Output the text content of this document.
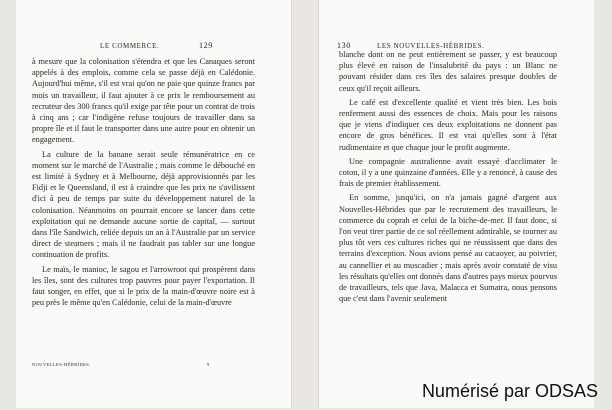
LE COMMERCE.	129

à mesure que la colonisation s'étendra et que les Canaques seront appelés à des emplois, comme cela se passe déjà en Calédonie. Aujourd'hui même, s'il est vrai qu'on ne paie que quinze francs par mois un travailleur, il faut ajouter à ce prix le remboursement au recruteur des 300 francs qu'il exige par tête pour un contrat de trois à cinq ans ; car l'indigène refuse toujours de travailler dans sa propre île et il faut le transporter dans une autre pour en obtenir un engagement.

La culture de la banane serait seule rémunératrice en ce moment sur le marché de l'Australie ; mais comme le débouché en est limité à Sydney et à Melbourne, déjà approvisionnés par les Fidji et le Queensland, il est à craindre que les prix ne s'avilissent d'ici à peu de temps par suite du développement naturel de la colonisation. Néanmoins on pourrait encore se lancer dans cette exploitation qui ne demande aucune sortie de capital, — surtout dans l'île Sandwich, reliée depuis un an à l'Australie par un service direct de steamers ; mais il ne faudrait pas tabler sur une longue continuation de profits.

Le maïs, le manioc, le sagou et l'arrowroot qui prospèrent dans les îles, sont des cultures trop pauvres pour payer l'exportation. Il faut songer, en effet, que si le prix de la main-d'œuvre noire est à peu près le même qu'en Calédonie, celui de la main-d'œuvre

NOUVELLES-HÉBRIDES.	9
130	LES NOUVELLES-HÉBRIDES.

blanche dont on ne peut entièrement se passer, y est beaucoup plus élevé en raison de l'insalubrité du pays : un Blanc ne pouvant résider dans ces îles des salaires presque doubles de ceux qu'il reçoit ailleurs.

Le café est d'excellente qualité et vient très bien. Les bois renferment aussi des essences de choix. Mais pour les raisons que je viens d'indiquer ces deux exploitations ne donnent pas encore de gros bénéfices. Il est vrai qu'elles sont à l'état rudimentaire et que chaque jour le profit augmente.

Une compagnie australienne avait essayé d'acclimater le coton, il y a une quinzaine d'années. Elle y a renoncé, à cause des frais de premier établissement.

En somme, jusqu'ici, on n'a jamais gagné d'argent aux Nouvelles-Hébrides que par le recrutement des travailleurs, le commerce du coprah et celui de la biche-de-mer. Il faut donc, si l'on veut tirer partie de ce sol réellement admirable, se tourner au plus tôt vers ces cultures riches qui ne réussissent que dans des terrains d'exception. Nous avions pensé au cacaoyer, au poivrier, au cannellier et au muscadier ; mais après avoir constaté de visu les résultats qu'elles ont donnés dans d'autres pays mieux pourvus de travailleurs, tels que Java, Malacca et Sumatra, nous pensons que c'est dans l'avenir seulement

Numérisé par ODSAS
